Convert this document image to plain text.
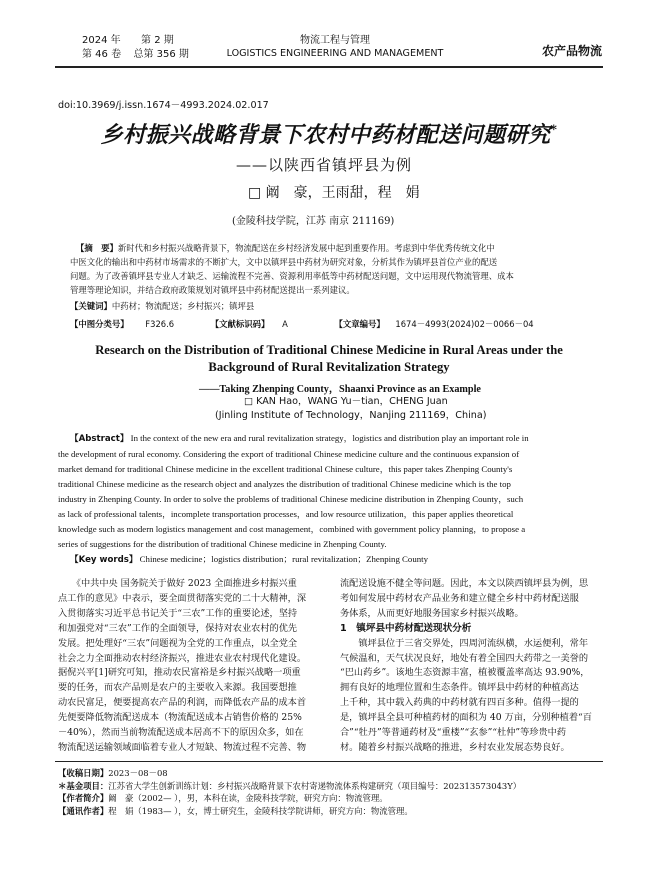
2024 年 第 2 期
第 46 卷 总第 356 期
物流工程与管理
LOGISTICS ENGINEERING AND MANAGEMENT	农产品物流
doi:10.3969/j.issn.1674－4993.2024.02.017
乡村振兴战略背景下农村中药材配送问题研究*
——以陕西省镇坪县为例
□ 阚　豪，王雨甜，程　娟
(金陵科技学院，江苏 南京 211169)
【摘　要】新时代和乡村振兴战略背景下，物流配送在乡村经济发展中起到重要作用。考虑到中华优秀传统文化中
中医文化的输出和中药材市场需求的不断扩大，文中以镇坪县中药材为研究对象，分析其作为镇坪县首位产业的配送
问题。为了改善镇坪县专业人才缺乏、运输流程不完善、资源利用率低等中药材配送问题，文中运用现代物流管理、成本
管理等理论知识，并结合政府政策规划对镇坪县中药材配送提出一系列建议。
【关键词】中药材；物流配送；乡村振兴；镇坪县
【中图分类号】 F326.6	【文献标识码】 A	【文章编号】 1674－4993(2024)02－0066－04
Research on the Distribution of Traditional Chinese Medicine in Rural Areas under the
Background of Rural Revitalization Strategy
——Taking Zhenping County，Shaanxi Province as an Example
□ KAN Hao，WANG Yu－tian，CHENG Juan
(Jinling Institute of Technology，Nanjing 211169，China)
【Abstract】 In the context of the new era and rural revitalization strategy，logistics and distribution play an important role in
the development of rural economy. Considering the export of traditional Chinese medicine culture and the continuous expansion of
market demand for traditional Chinese medicine in the excellent traditional Chinese culture，this paper takes Zhenping County's
traditional Chinese medicine as the research object and analyzes the distribution of traditional Chinese medicine which is the top
industry in Zhenping County. In order to solve the problems of traditional Chinese medicine distribution in Zhenping County，such
as lack of professional talents，incomplete transportation processes，and low resource utilization，this paper applies theoretical
knowledge such as modern logistics management and cost management，combined with government policy planning，to propose a
series of suggestions for the distribution of traditional Chinese medicine in Zhenping County.
【Key words】 Chinese medicine；logistics distribution；rural revitalization；Zhenping County
　　《中共中央 国务院关于做好 2023 全面推进乡村振兴重
点工作的意见》中表示，要全面贯彻落实党的二十大精神，深
入贯彻落实习近平总书记关于“三农”工作的重要论述，坚持
和加强党对“三农”工作的全面领导，保持对农业农村的优先
发展。把处理好“三农”问题视为全党的工作重点，以全党全
社会之力全面推动农村经济振兴，推进农业农村现代化建设。
据倪兴平[1]研究可知，推动农民富裕是乡村振兴战略一项重
要的任务，而农产品则是农户的主要收入来源。我国要想推
动农民富足，便要提高农产品的利润，而降低农产品的成本首
先便要降低物流配送成本（物流配送成本占销售价格的 25%
－40%），然而当前物流配送成本居高不下的原因众多，如在
物流配送运输领域面临着专业人才短缺、物流过程不完善、物
流配送设施不健全等问题。因此，本文以陕西镇坪县为例，思
考如何发展中药材农产品业务和建立健全乡村中药材配送服
务体系，从而更好地服务国家乡村振兴战略。
1　镇坪县中药材配送现状分析
　　镇坪县位于三省交界处，四周河流纵横，水运便利，常年
气候温和，天气状况良好，地处有着全国四大药带之一美誉的
“巴山药乡”。该地生态资源丰富，植被覆盖率高达 93.90%，
拥有良好的地理位置和生态条件。镇坪县中药材的种植高达
上千种，其中载入药典的中药材就有四百多种。值得一提的
是，镇坪县全县可种植药材的面积为 40 万亩，分别种植着“百
合”“牡丹”等普通药材及“重楼”“玄参”“杜仲”等珍贵中药
材。随着乡村振兴战略的推进，乡村农业发展态势良好。
【收稿日期】2023－08－08
＊基金项目：江苏省大学生创新训练计划：乡村振兴战略背景下农村寄递物流体系构建研究（项目编号：202313573043Y）
【作者简介】阚　豪（2002— ），男，本科在读，金陵科技学院，研究方向：物流管理。
【通讯作者】程　娟（1983— ），女，博士研究生，金陵科技学院讲师，研究方向：物流管理。
